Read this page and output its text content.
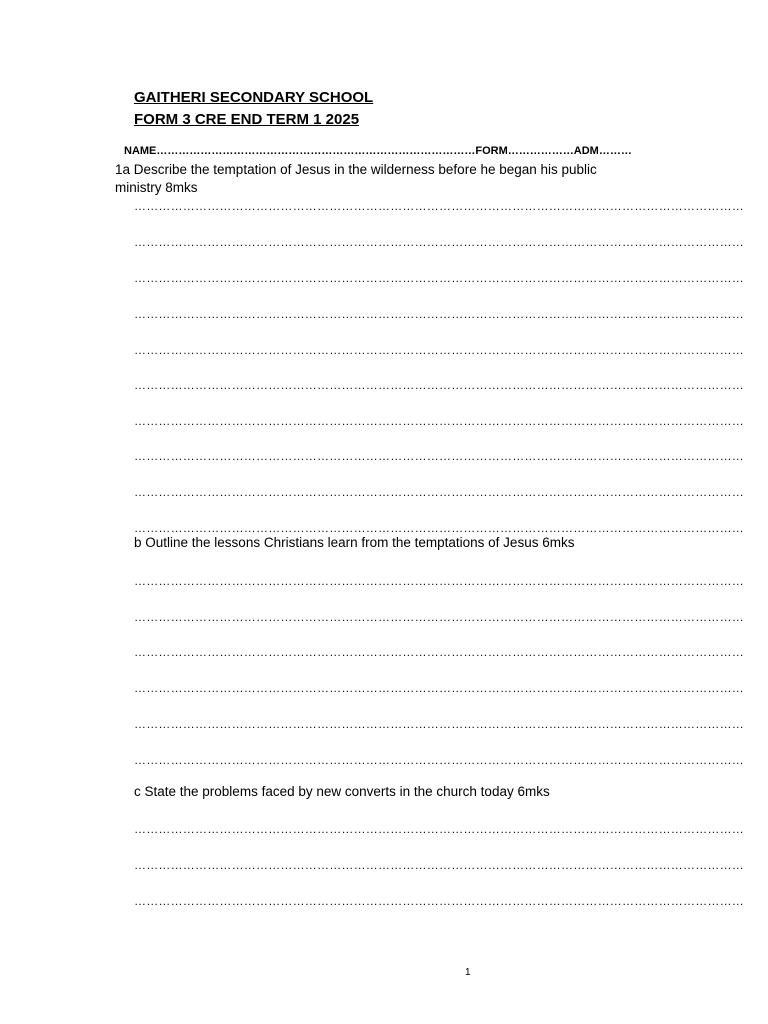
GAITHERI SECONDARY SCHOOL

FORM 3 CRE END TERM 1 2025

NAME……………………………………………………………………………FORM………………ADM………

1a Describe the temptation of Jesus in the wilderness before he began his public ministry 8mks

……………………………………………………………………………………………………………………………………
……………………………………………………………………………………………………………………………………
……………………………………………………………………………………………………………………………………
……………………………………………………………………………………………………………………………………
……………………………………………………………………………………………………………………………………
……………………………………………………………………………………………………………………………………
……………………………………………………………………………………………………………………………………
……………………………………………………………………………………………………………………………………
……………………………………………………………………………………………………………………………………
……………………………………………………………………………………………………………………………………

b Outline the lessons Christians learn from the temptations of Jesus 6mks

……………………………………………………………………………………………………………………………………
……………………………………………………………………………………………………………………………………
……………………………………………………………………………………………………………………………………
……………………………………………………………………………………………………………………………………
……………………………………………………………………………………………………………………………………
……………………………………………………………………………………………………………………………………

c State the problems faced by new converts in the church today 6mks

……………………………………………………………………………………………………………………………………
……………………………………………………………………………………………………………………………………
……………………………………………………………………………………………………………………………………

1
